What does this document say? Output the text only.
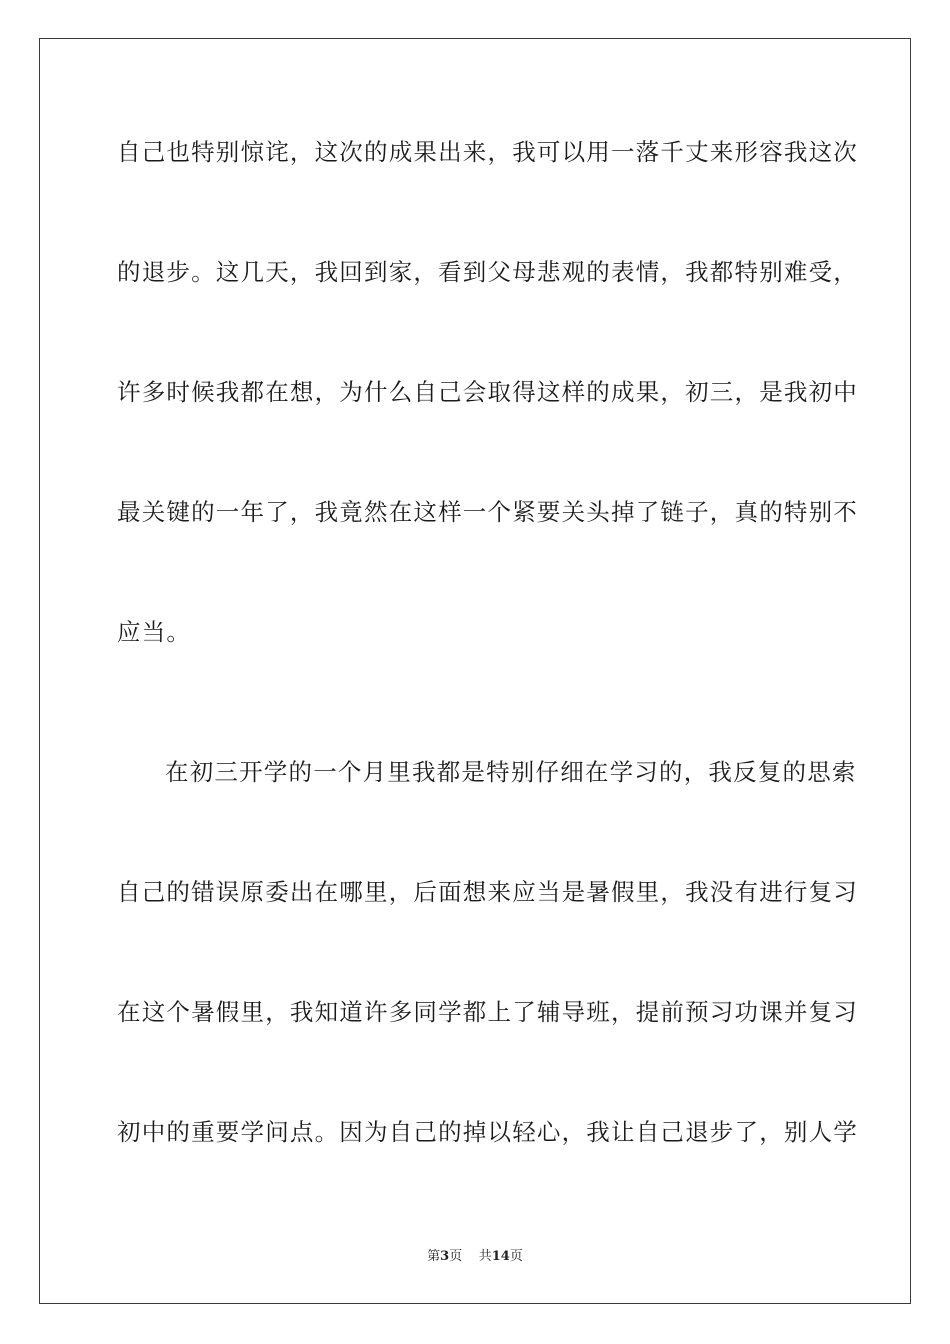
自己也特别惊诧，这次的成果出来，我可以用一落千丈来形容我这次
的退步。这几天，我回到家，看到父母悲观的表情，我都特别难受，
许多时候我都在想，为什么自己会取得这样的成果，初三，是我初中
最关键的一年了，我竟然在这样一个紧要关头掉了链子，真的特别不
应当。
在初三开学的一个月里我都是特别仔细在学习的，我反复的思索
自己的错误原委出在哪里，后面想来应当是暑假里，我没有进行复习
在这个暑假里，我知道许多同学都上了辅导班，提前预习功课并复习
初中的重要学问点。因为自己的掉以轻心，我让自己退步了，别人学
第3页 共14页
